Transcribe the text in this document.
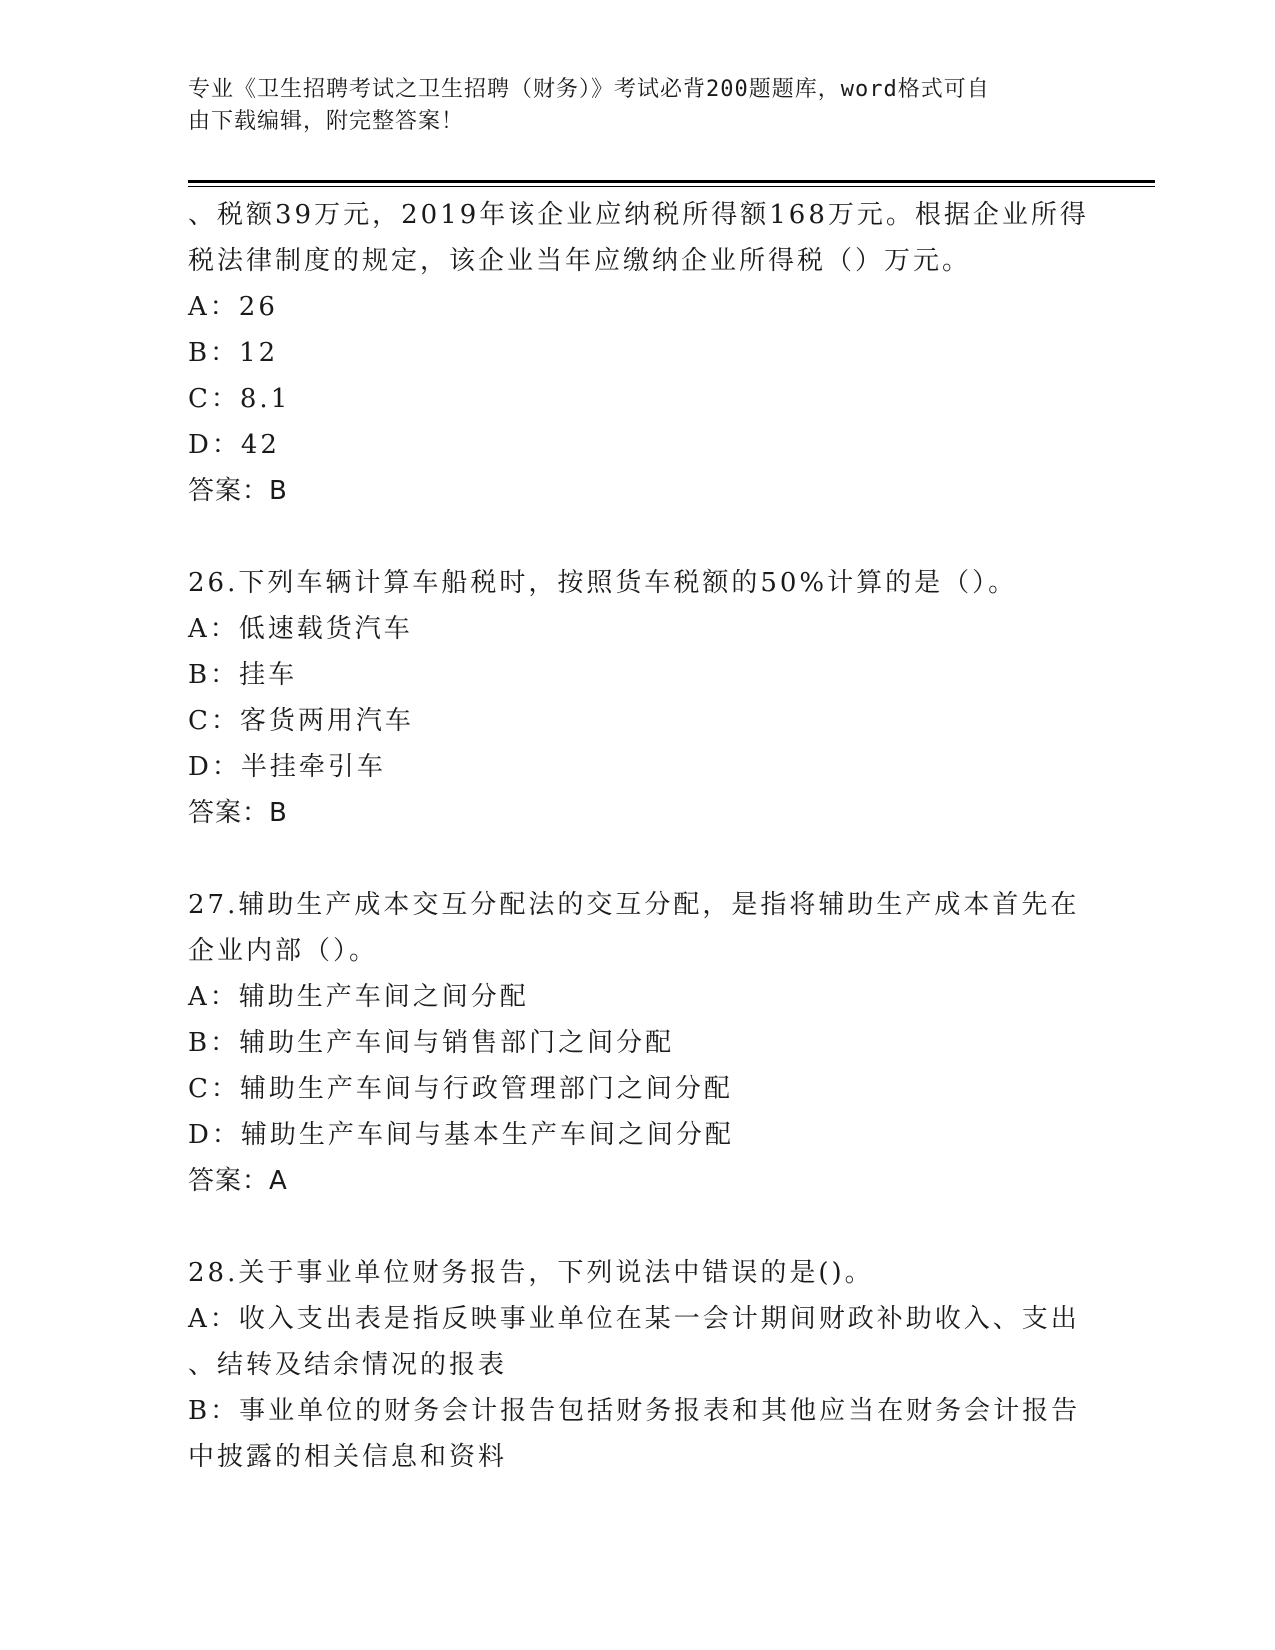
专业《卫生招聘考试之卫生招聘（财务）》考试必背200题题库，word格式可自
由下载编辑，附完整答案！
、税额39万元，2019年该企业应纳税所得额168万元。根据企业所得
税法律制度的规定，该企业当年应缴纳企业所得税（）万元。
A：26
B：12
C：8.1
D：42
答案：B
26.下列车辆计算车船税时，按照货车税额的50%计算的是（）。
A：低速载货汽车
B：挂车
C：客货两用汽车
D：半挂牵引车
答案：B
27.辅助生产成本交互分配法的交互分配，是指将辅助生产成本首先在
企业内部（）。
A：辅助生产车间之间分配
B：辅助生产车间与销售部门之间分配
C：辅助生产车间与行政管理部门之间分配
D：辅助生产车间与基本生产车间之间分配
答案：A
28.关于事业单位财务报告，下列说法中错误的是()。
A：收入支出表是指反映事业单位在某一会计期间财政补助收入、支出
、结转及结余情况的报表
B：事业单位的财务会计报告包括财务报表和其他应当在财务会计报告
中披露的相关信息和资料
